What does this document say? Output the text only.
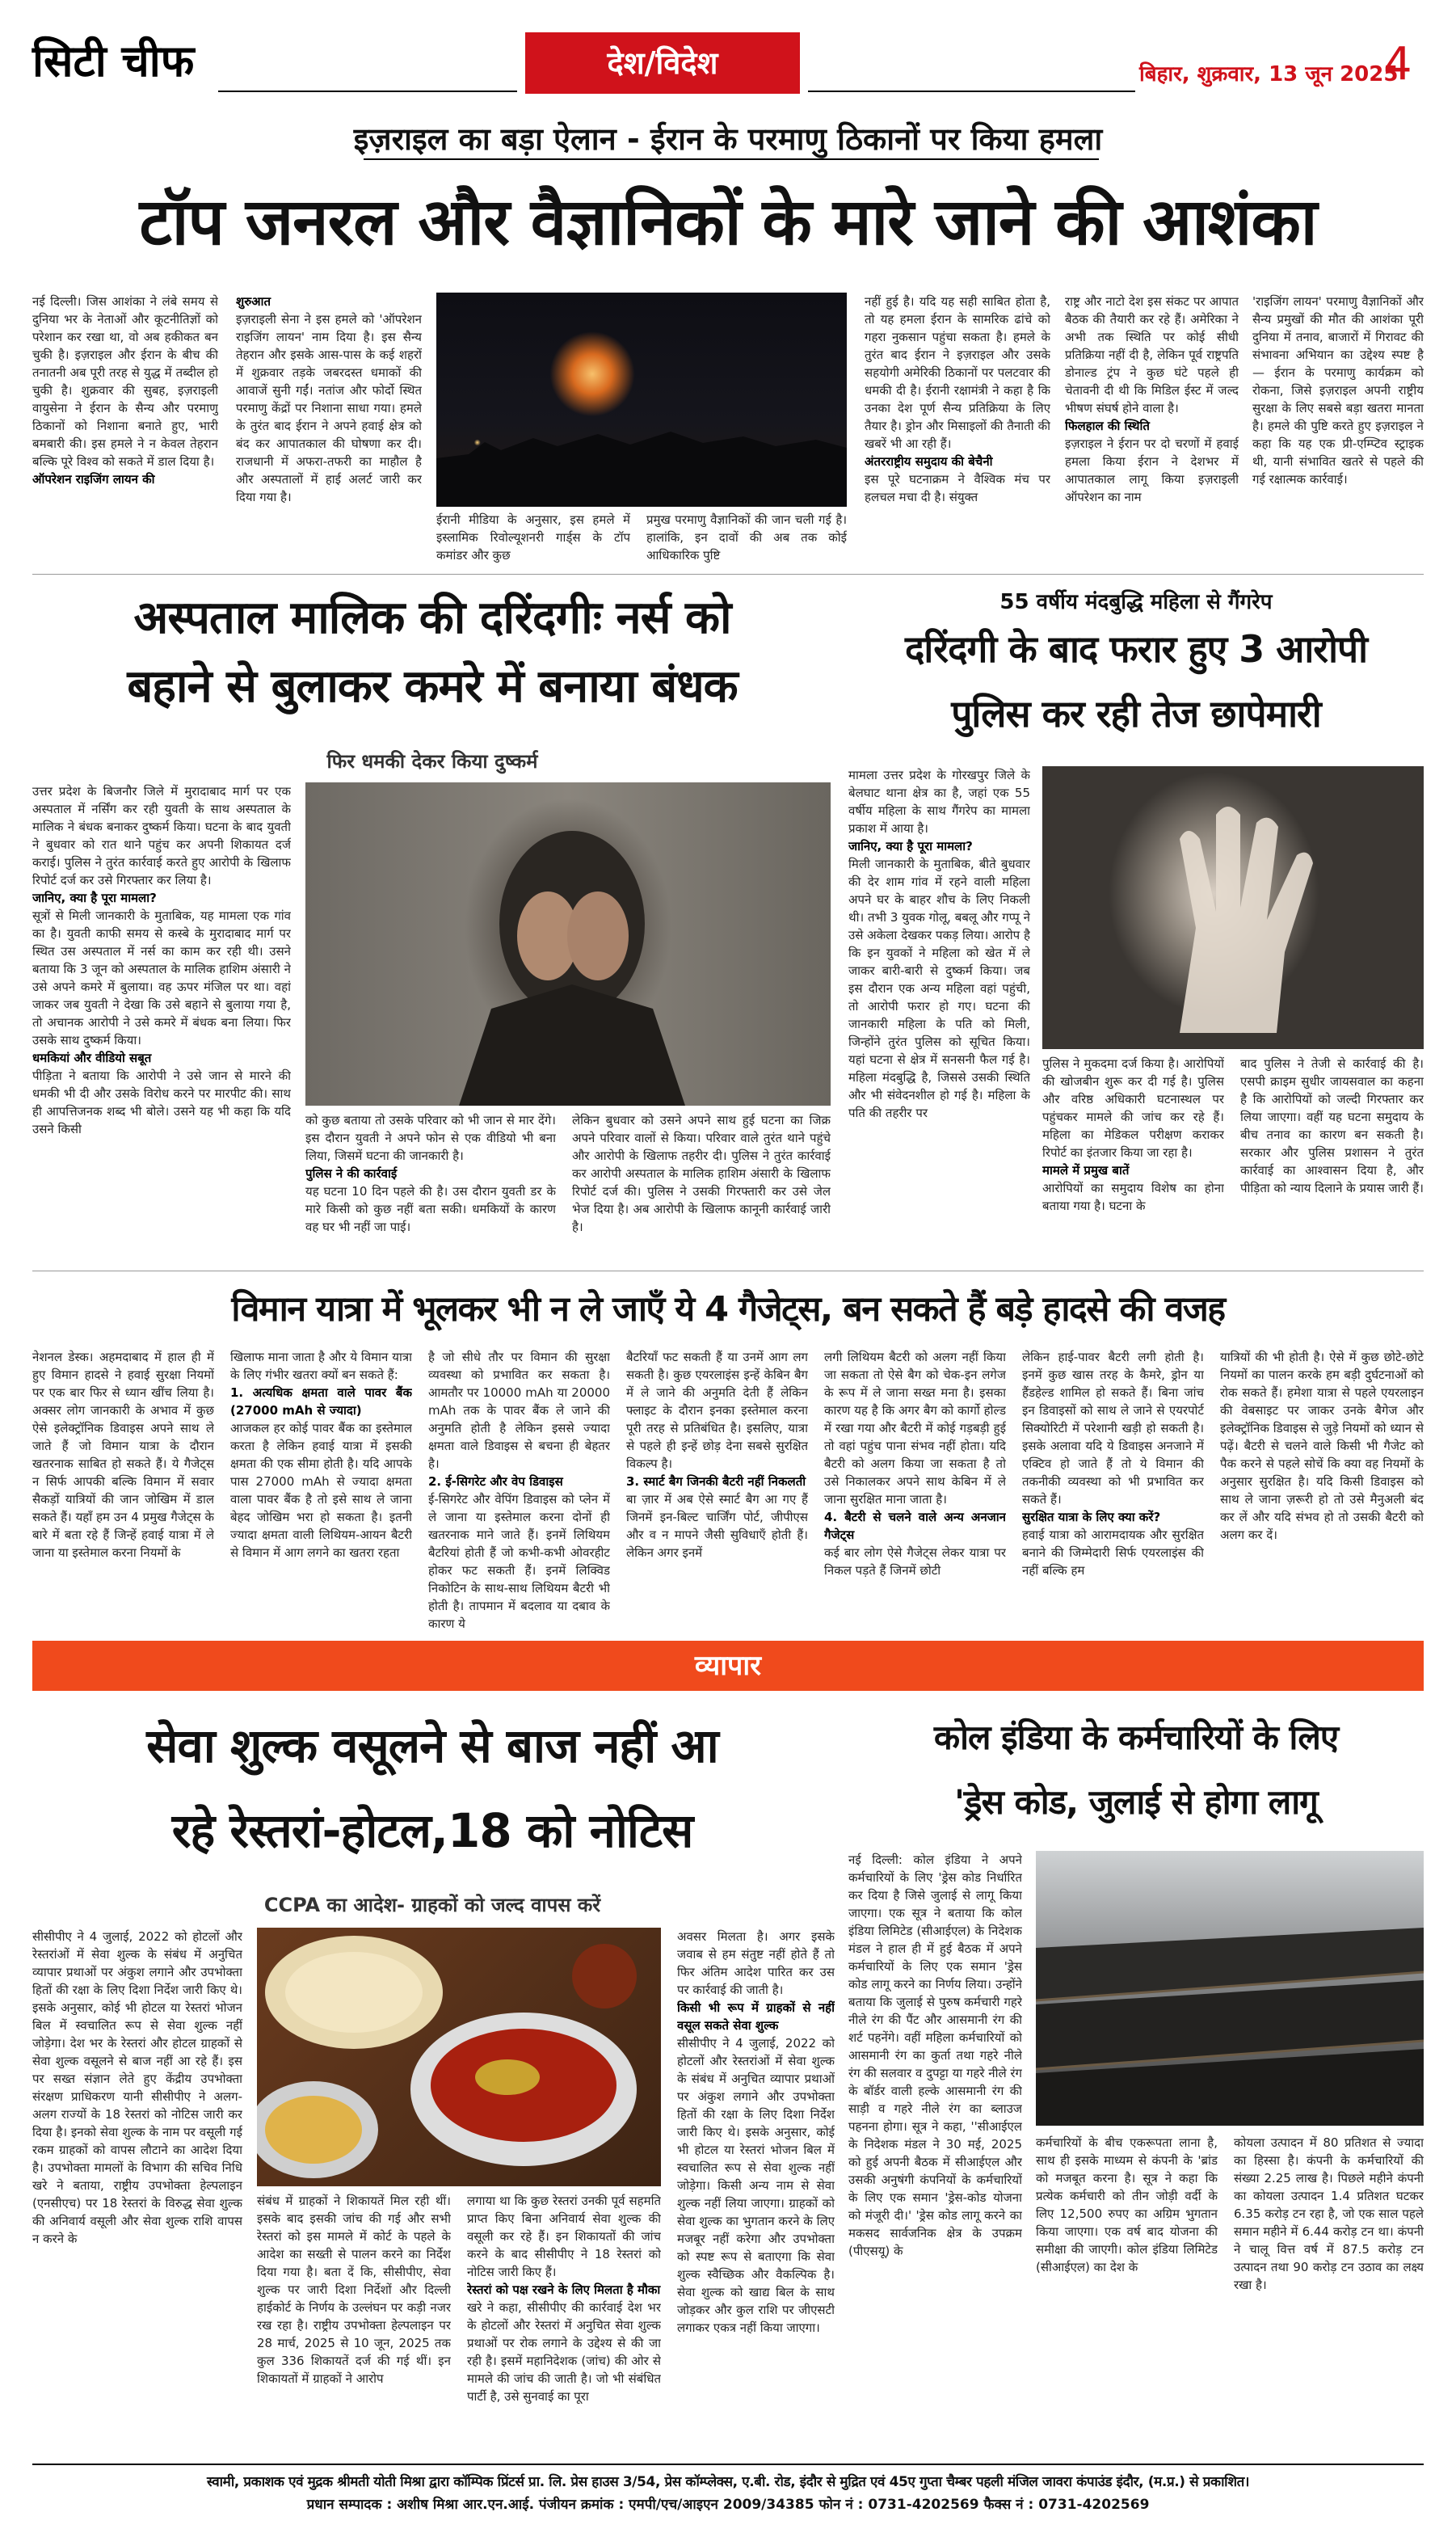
सिटी चीफ	देश/विदेश	बिहार, शुक्रवार, 13 जून 2025
4
इज़राइल का बड़ा ऐलान - ईरान के परमाणु ठिकानों पर किया हमला
टॉप जनरल और वैज्ञानिकों के मारे जाने की आशंका
नई दिल्ली। जिस आशंका ने लंबे समय से दुनिया भर के नेताओं और कूटनीतिज्ञों को परेशान कर रखा था, वो अब हकीकत बन चुकी है। इज़राइल और ईरान के बीच की तनातनी अब पूरी तरह से युद्ध में तब्दील हो चुकी है। शुक्रवार की सुबह, इज़राइली वायुसेना ने ईरान के सैन्य और परमाणु ठिकानों को निशाना बनाते हुए, भारी बमबारी की। इस हमले ने न केवल तेहरान बल्कि पूरे विश्व को सकते में डाल दिया है।
ऑपरेशन राइजिंग लायन की
शुरुआत
इज़राइली सेना ने इस हमले को 'ऑपरेशन राइजिंग लायन' नाम दिया है। इस सैन्य तेहरान और इसके आस-पास के कई शहरों में शुक्रवार तड़के जबरदस्त धमाकों की आवाजें सुनी गईं। नतांज और फोर्दो स्थित परमाणु केंद्रों पर निशाना साधा गया। हमले के तुरंत बाद ईरान ने अपने हवाई क्षेत्र को बंद कर आपातकाल की घोषणा कर दी। राजधानी में अफरा-तफरी का माहौल है और अस्पतालों में हाई अलर्ट जारी कर दिया गया है।
ईरानी मीडिया के अनुसार, इस हमले में इस्लामिक रिवोल्यूशनरी गार्ड्स के टॉप कमांडर और कुछ
प्रमुख परमाणु वैज्ञानिकों की जान चली गई है। हालांकि, इन दावों की अब तक कोई आधिकारिक पुष्टि
नहीं हुई है। यदि यह सही साबित होता है, तो यह हमला ईरान के सामरिक ढांचे को गहरा नुकसान पहुंचा सकता है। हमले के तुरंत बाद ईरान ने इज़राइल और उसके सहयोगी अमेरिकी ठिकानों पर पलटवार की धमकी दी है। ईरानी रक्षामंत्री ने कहा है कि उनका देश पूर्ण सैन्य प्रतिक्रिया के लिए तैयार है। ड्रोन और मिसाइलों की तैनाती की खबरें भी आ रही हैं।
अंतरराष्ट्रीय समुदाय की बेचैनी
इस पूरे घटनाक्रम ने वैश्विक मंच पर हलचल मचा दी है। संयुक्त
राष्ट्र और नाटो देश इस संकट पर आपात बैठक की तैयारी कर रहे हैं। अमेरिका ने अभी तक स्थिति पर कोई सीधी प्रतिक्रिया नहीं दी है, लेकिन पूर्व राष्ट्रपति डोनाल्ड ट्रंप ने कुछ घंटे पहले ही चेतावनी दी थी कि मिडिल ईस्ट में जल्द भीषण संघर्ष होने वाला है।
फिलहाल की स्थिति
इज़राइल ने ईरान पर दो चरणों में हवाई हमला किया ईरान ने देशभर में आपातकाल लागू किया इज़राइली ऑपरेशन का नाम
'राइजिंग लायन' परमाणु वैज्ञानिकों और सैन्य प्रमुखों की मौत की आशंका पूरी दुनिया में तनाव, बाजारों में गिरावट की संभावना अभियान का उद्देश्य स्पष्ट है — ईरान के परमाणु कार्यक्रम को रोकना, जिसे इज़राइल अपनी राष्ट्रीय सुरक्षा के लिए सबसे बड़ा खतरा मानता है। हमले की पुष्टि करते हुए इज़राइल ने कहा कि यह एक प्री-एम्प्टिव स्ट्राइक थी, यानी संभावित खतरे से पहले की गई रक्षात्मक कार्रवाई।
अस्पताल मालिक की दरिंदगीः नर्स को
बहाने से बुलाकर कमरे में बनाया बंधक
फिर धमकी देकर किया दुष्कर्म
उत्तर प्रदेश के बिजनौर जिले में मुरादाबाद मार्ग पर एक अस्पताल में नर्सिंग कर रही युवती के साथ अस्पताल के मालिक ने बंधक बनाकर दुष्कर्म किया। घटना के बाद युवती ने बुधवार को रात थाने पहुंच कर अपनी शिकायत दर्ज कराई। पुलिस ने तुरंत कार्रवाई करते हुए आरोपी के खिलाफ रिपोर्ट दर्ज कर उसे गिरफ्तार कर लिया है।
जानिए, क्या है पूरा मामला?
सूत्रों से मिली जानकारी के मुताबिक, यह मामला एक गांव का है। युवती काफी समय से कस्बे के मुरादाबाद मार्ग पर स्थित उस अस्पताल में नर्स का काम कर रही थी। उसने बताया कि 3 जून को अस्पताल के मालिक हाशिम अंसारी ने उसे अपने कमरे में बुलाया। वह ऊपर मंजिल पर था। वहां जाकर जब युवती ने देखा कि उसे बहाने से बुलाया गया है, तो अचानक आरोपी ने उसे कमरे में बंधक बना लिया। फिर उसके साथ दुष्कर्म किया।
धमकियां और वीडियो सबूत
पीड़िता ने बताया कि आरोपी ने उसे जान से मारने की धमकी भी दी और उसके विरोध करने पर मारपीट की। साथ ही आपत्तिजनक शब्द भी बोले। उसने यह भी कहा कि यदि उसने किसी
को कुछ बताया तो उसके परिवार को भी जान से मार देंगे। इस दौरान युवती ने अपने फोन से एक वीडियो भी बना लिया, जिसमें घटना की जानकारी है।
पुलिस ने की कार्रवाई
यह घटना 10 दिन पहले की है। उस दौरान युवती डर के मारे किसी को कुछ नहीं बता सकी। धमकियों के कारण वह घर भी नहीं जा पाई।
लेकिन बुधवार को उसने अपने साथ हुई घटना का जिक्र अपने परिवार वालों से किया। परिवार वाले तुरंत थाने पहुंचे और आरोपी के खिलाफ तहरीर दी। पुलिस ने तुरंत कार्रवाई कर आरोपी अस्पताल के मालिक हाशिम अंसारी के खिलाफ रिपोर्ट दर्ज की। पुलिस ने उसकी गिरफ्तारी कर उसे जेल भेज दिया है। अब आरोपी के खिलाफ कानूनी कार्रवाई जारी है।
55 वर्षीय मंदबुद्धि महिला से गैंगरेप
दरिंदगी के बाद फरार हुए 3 आरोपी
पुलिस कर रही तेज छापेमारी
मामला उत्तर प्रदेश के गोरखपुर जिले के बेलघाट थाना क्षेत्र का है, जहां एक 55 वर्षीय महिला के साथ गैंगरेप का मामला प्रकाश में आया है।
जानिए, क्या है पूरा मामला?
मिली जानकारी के मुताबिक, बीते बुधवार की देर शाम गांव में रहने वाली महिला अपने घर के बाहर शौच के लिए निकली थी। तभी 3 युवक गोलू, बबलू और गप्पू ने उसे अकेला देखकर पकड़ लिया। आरोप है कि इन युवकों ने महिला को खेत में ले जाकर बारी-बारी से दुष्कर्म किया। जब इस दौरान एक अन्य महिला वहां पहुंची, तो आरोपी फरार हो गए। घटना की जानकारी महिला के पति को मिली, जिन्होंने तुरंत पुलिस को सूचित किया। यहां घटना से क्षेत्र में सनसनी फैल गई है। महिला मंदबुद्धि है, जिससे उसकी स्थिति और भी संवेदनशील हो गई है। महिला के पति की तहरीर पर
पुलिस ने मुकदमा दर्ज किया है। आरोपियों की खोजबीन शुरू कर दी गई है। पुलिस और वरिष्ठ अधिकारी घटनास्थल पर पहुंचकर मामले की जांच कर रहे हैं। महिला का मेडिकल परीक्षण कराकर रिपोर्ट का इंतजार किया जा रहा है।
मामले में प्रमुख बातें
आरोपियों का समुदाय विशेष का होना बताया गया है। घटना के
बाद पुलिस ने तेजी से कार्रवाई की है। एसपी क्राइम सुधीर जायसवाल का कहना है कि आरोपियों को जल्दी गिरफ्तार कर लिया जाएगा। वहीं यह घटना समुदाय के बीच तनाव का कारण बन सकती है। सरकार और पुलिस प्रशासन ने तुरंत कार्रवाई का आश्वासन दिया है, और पीड़िता को न्याय दिलाने के प्रयास जारी हैं।
विमान यात्रा में भूलकर भी न ले जाएँ ये 4 गैजेट्स, बन सकते हैं बड़े हादसे की वजह
नेशनल डेस्क। अहमदाबाद में हाल ही में हुए विमान हादसे ने हवाई सुरक्षा नियमों पर एक बार फिर से ध्यान खींच लिया है। अक्सर लोग जानकारी के अभाव में कुछ ऐसे इलेक्ट्रॉनिक डिवाइस अपने साथ ले जाते हैं जो विमान यात्रा के दौरान खतरनाक साबित हो सकते हैं। ये गैजेट्स न सिर्फ आपकी बल्कि विमान में सवार सैकड़ों यात्रियों की जान जोखिम में डाल सकते हैं। यहाँ हम उन 4 प्रमुख गैजेट्स के बारे में बता रहे हैं जिन्हें हवाई यात्रा में ले जाना या इस्तेमाल करना नियमों के
खिलाफ माना जाता है और ये विमान यात्रा के लिए गंभीर खतरा क्यों बन सकते हैं:
1. अत्यधिक क्षमता वाले पावर बैंक (27000 mAh से ज्यादा)
आजकल हर कोई पावर बैंक का इस्तेमाल करता है लेकिन हवाई यात्रा में इसकी क्षमता की एक सीमा होती है। यदि आपके पास 27000 mAh से ज्यादा क्षमता वाला पावर बैंक है तो इसे साथ ले जाना बेहद जोखिम भरा हो सकता है। इतनी ज्यादा क्षमता वाली लिथियम-आयन बैटरी से विमान में आग लगने का खतरा रहता
है जो सीधे तौर पर विमान की सुरक्षा व्यवस्था को प्रभावित कर सकता है। आमतौर पर 10000 mAh या 20000 mAh तक के पावर बैंक ले जाने की अनुमति होती है लेकिन इससे ज्यादा क्षमता वाले डिवाइस से बचना ही बेहतर है।
2. ई-सिगरेट और वेप डिवाइस
ई-सिगरेट और वेपिंग डिवाइस को प्लेन में ले जाना या इस्तेमाल करना दोनों ही खतरनाक माने जाते हैं। इनमें लिथियम बैटरियां होती हैं जो कभी-कभी ओवरहीट होकर फट सकती हैं। इनमें लिक्विड निकोटिन के साथ-साथ लिथियम बैटरी भी होती है। तापमान में बदलाव या दबाव के कारण ये
बैटरियाँ फट सकती हैं या उनमें आग लग सकती है। कुछ एयरलाइंस इन्हें केबिन बैग में ले जाने की अनुमति देती हैं लेकिन फ्लाइट के दौरान इनका इस्तेमाल करना पूरी तरह से प्रतिबंधित है। इसलिए, यात्रा से पहले ही इन्हें छोड़ देना सबसे सुरक्षित विकल्प है।
3. स्मार्ट बैग जिनकी बैटरी नहीं निकलती
बा ज़ार में अब ऐसे स्मार्ट बैग आ गए हैं जिनमें इन-बिल्ट चार्जिंग पोर्ट, जीपीएस और व न मापने जैसी सुविधाएँ होती हैं। लेकिन अगर इनमें
लगी लिथियम बैटरी को अलग नहीं किया जा सकता तो ऐसे बैग को चेक-इन लगेज के रूप में ले जाना सख्त मना है। इसका कारण यह है कि अगर बैग को कार्गो होल्ड में रखा गया और बैटरी में कोई गड़बड़ी हुई तो वहां पहुंच पाना संभव नहीं होता। यदि बैटरी को अलग किया जा सकता है तो उसे निकालकर अपने साथ केबिन में ले जाना सुरक्षित माना जाता है।
4. बैटरी से चलने वाले अन्य अनजान गैजेट्स
कई बार लोग ऐसे गैजेट्स लेकर यात्रा पर निकल पड़ते हैं जिनमें छोटी
लेकिन हाई-पावर बैटरी लगी होती है। इनमें कुछ खास तरह के कैमरे, ड्रोन या हैंडहेल्ड शामिल हो सकते हैं। बिना जांच इन डिवाइसों को साथ ले जाने से एयरपोर्ट सिक्योरिटी में परेशानी खड़ी हो सकती है। इसके अलावा यदि ये डिवाइस अनजाने में एक्टिव हो जाते हैं तो ये विमान की तकनीकी व्यवस्था को भी प्रभावित कर सकते हैं।
सुरक्षित यात्रा के लिए क्या करें?
हवाई यात्रा को आरामदायक और सुरक्षित बनाने की जिम्मेदारी सिर्फ एयरलाइंस की नहीं बल्कि हम
यात्रियों की भी होती है। ऐसे में कुछ छोटे-छोटे नियमों का पालन करके हम बड़ी दुर्घटनाओं को रोक सकते हैं। हमेशा यात्रा से पहले एयरलाइन की वेबसाइट पर जाकर उनके बैगेज और इलेक्ट्रॉनिक डिवाइस से जुड़े नियमों को ध्यान से पढ़ें। बैटरी से चलने वाले किसी भी गैजेट को पैक करने से पहले सोचें कि क्या वह नियमों के अनुसार सुरक्षित है। यदि किसी डिवाइस को साथ ले जाना ज़रूरी हो तो उसे मैनुअली बंद कर लें और यदि संभव हो तो उसकी बैटरी को अलग कर दें।
व्यापार
सेवा शुल्क वसूलने से बाज नहीं आ
रहे रेस्तरां-होटल,18 को नोटिस
CCPA का आदेश- ग्राहकों को जल्द वापस करें
सीसीपीए ने 4 जुलाई, 2022 को होटलों और रेस्तरांओं में सेवा शुल्क के संबंध में अनुचित व्यापार प्रथाओं पर अंकुश लगाने और उपभोक्ता हितों की रक्षा के लिए दिशा निर्देश जारी किए थे। इसके अनुसार, कोई भी होटल या रेस्तरां भोजन बिल में स्वचालित रूप से सेवा शुल्क नहीं जोड़ेगा। देश भर के रेस्तरां और होटल ग्राहकों से सेवा शुल्क वसूलने से बाज नहीं आ रहे हैं। इस पर सख्त संज्ञान लेते हुए केंद्रीय उपभोक्ता संरक्षण प्राधिकरण यानी सीसीपीए ने अलग-अलग राज्यों के 18 रेस्तरां को नोटिस जारी कर दिया है। इनको सेवा शुल्क के नाम पर वसूली गई रकम ग्राहकों को वापस लौटाने का आदेश दिया है। उपभोक्ता मामलों के विभाग की सचिव निधि खरे ने बताया, राष्ट्रीय उपभोक्ता हेल्पलाइन (एनसीएच) पर 18 रेस्तरां के विरुद्ध सेवा शुल्क की अनिवार्य वसूली और सेवा शुल्क राशि वापस न करने के
संबंध में ग्राहकों ने शिकायतें मिल रही थीं। इसके बाद इसकी जांच की गई और सभी रेस्तरां को इस मामले में कोर्ट के पहले के आदेश का सख्ती से पालन करने का निर्देश दिया गया है। बता दें कि, सीसीपीए, सेवा शुल्क पर जारी दिशा निर्देशों और दिल्ली हाईकोर्ट के निर्णय के उल्लंघन पर कड़ी नजर रख रहा है। राष्ट्रीय उपभोक्ता हेल्पलाइन पर 28 मार्च, 2025 से 10 जून, 2025 तक कुल 336 शिकायतें दर्ज की गई थीं। इन शिकायतों में ग्राहकों ने आरोप
लगाया था कि कुछ रेस्तरां उनकी पूर्व सहमति प्राप्त किए बिना अनिवार्य सेवा शुल्क की वसूली कर रहे हैं। इन शिकायतों की जांच करने के बाद सीसीपीए ने 18 रेस्तरां को नोटिस जारी किए हैं।
रेस्तरां को पक्ष रखने के लिए मिलता है मौका
खरे ने कहा, सीसीपीए की कार्रवाई देश भर के होटलों और रेस्तरां में अनुचित सेवा शुल्क प्रथाओं पर रोक लगाने के उद्देश्य से की जा रही है। इसमें महानिदेशक (जांच) की ओर से मामले की जांच की जाती है। जो भी संबंधित पार्टी है, उसे सुनवाई का पूरा
अवसर मिलता है। अगर इसके जवाब से हम संतुष्ट नहीं होते हैं तो फिर अंतिम आदेश पारित कर उस पर कार्रवाई की जाती है।
किसी भी रूप में ग्राहकों से नहीं वसूल सकते सेवा शुल्क
सीसीपीए ने 4 जुलाई, 2022 को होटलों और रेस्तरांओं में सेवा शुल्क के संबंध में अनुचित व्यापार प्रथाओं पर अंकुश लगाने और उपभोक्ता हितों की रक्षा के लिए दिशा निर्देश जारी किए थे। इसके अनुसार, कोई भी होटल या रेस्तरां भोजन बिल में स्वचालित रूप से सेवा शुल्क नहीं जोड़ेगा। किसी अन्य नाम से सेवा शुल्क नहीं लिया जाएगा। ग्राहकों को सेवा शुल्क का भुगतान करने के लिए मजबूर नहीं करेगा और उपभोक्ता को स्पष्ट रूप से बताएगा कि सेवा शुल्क स्वैच्छिक और वैकल्पिक है। सेवा शुल्क को खाद्य बिल के साथ जोड़कर और कुल राशि पर जीएसटी लगाकर एकत्र नहीं किया जाएगा।
कोल इंडिया के कर्मचारियों के लिए
'ड्रेस कोड, जुलाई से होगा लागू
नई दिल्ली: कोल इंडिया ने अपने कर्मचारियों के लिए 'ड्रेस कोड निर्धारित कर दिया है जिसे जुलाई से लागू किया जाएगा। एक सूत्र ने बताया कि कोल इंडिया लिमिटेड (सीआईएल) के निदेशक मंडल ने हाल ही में हुई बैठक में अपने कर्मचारियों के लिए एक समान 'ड्रेस कोड लागू करने का निर्णय लिया। उन्होंने बताया कि जुलाई से पुरुष कर्मचारी गहरे नीले रंग की पैंट और आसमानी रंग की शर्ट पहनेंगे। वहीं महिला कर्मचारियों को आसमानी रंग का कुर्ता तथा गहरे नीले रंग की सलवार व दुपट्टा या गहरे नीले रंग के बॉर्डर वाली हल्के आसमानी रंग की साड़ी व गहरे नीले रंग का ब्लाउज पहनना होगा। सूत्र ने कहा, ''सीआईएल के निदेशक मंडल ने 30 मई, 2025 को हुई अपनी बैठक में सीआईएल और उसकी अनुषंगी कंपनियों के कर्मचारियों के लिए एक समान 'ड्रेस-कोड योजना को मंजूरी दी।' 'ड्रेस कोड लागू करने का मकसद सार्वजनिक क्षेत्र के उपक्रम (पीएसयू) के
कर्मचारियों के बीच एकरूपता लाना है, साथ ही इसके माध्यम से कंपनी के 'ब्रांड को मजबूत करना है। सूत्र ने कहा कि प्रत्येक कर्मचारी को तीन जोड़ी वर्दी के लिए 12,500 रुपए का अग्रिम भुगतान किया जाएगा। एक वर्ष बाद योजना की समीक्षा की जाएगी। कोल इंडिया लिमिटेड (सीआईएल) का देश के
कोयला उत्पादन में 80 प्रतिशत से ज्यादा का हिस्सा है। कंपनी के कर्मचारियों की संख्या 2.25 लाख है। पिछले महीने कंपनी का कोयला उत्पादन 1.4 प्रतिशत घटकर 6.35 करोड़ टन रहा है, जो एक साल पहले समान महीने में 6.44 करोड़ टन था। कंपनी ने चालू वित्त वर्ष में 87.5 करोड़ टन उत्पादन तथा 90 करोड़ टन उठाव का लक्ष्य रखा है।
स्वामी, प्रकाशक एवं मुद्रक श्रीमती योती मिश्रा द्वारा कॉम्पिक प्रिंटर्स प्रा. लि. प्रेस हाउस 3/54, प्रेस कॉम्प्लेक्स, ए.बी. रोड, इंदौर से मुद्रित एवं 45ए गुप्ता चैम्बर पहली मंजिल जावरा कंपाउंड इंदौर, (म.प्र.) से प्रकाशित।
प्रधान सम्पादक : अशीष मिश्रा आर.एन.आई. पंजीयन क्रमांक : एमपी/एच/आइएन 2009/34385 फोन नं : 0731-4202569 फैक्स नं : 0731-4202569
